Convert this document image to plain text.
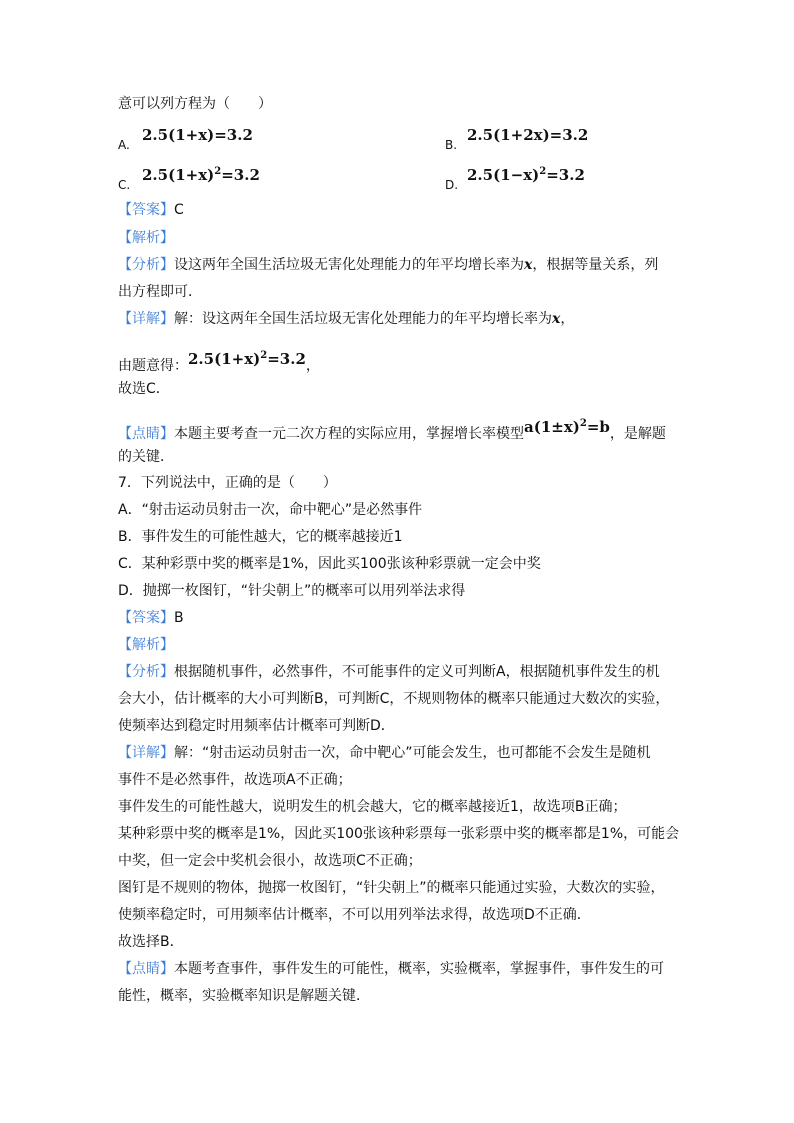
意可以列方程为（　　）
A.
2.5(1+x)=3.2
B.
2.5(1+2x)=3.2
C.
$2.5(1+x)^2=3.2$
D.
$2.5(1-x)^2=3.2$
【答案】C
【解析】
【分析】设这两年全国生活垃圾无害化处理能力的年平均增长率为x，根据等量关系，列
出方程即可．
【详解】解：设这两年全国生活垃圾无害化处理能力的年平均增长率为x，
由题意得：$2.5(1+x)^2=3.2$，
故选C．
【点睛】本题主要考查一元二次方程的实际应用，掌握增长率模型$a(1\pm x)^2=b$，是解题
的关键．
7．下列说法中，正确的是（　　）
A．“射击运动员射击一次，命中靶心”是必然事件
B．事件发生的可能性越大，它的概率越接近1
C．某种彩票中奖的概率是1%，因此买100张该种彩票就一定会中奖
D．抛掷一枚图钉，“针尖朝上”的概率可以用列举法求得
【答案】B
【解析】
【分析】根据随机事件，必然事件，不可能事件的定义可判断A，根据随机事件发生的机
会大小，估计概率的大小可判断B，可判断C，不规则物体的概率只能通过大数次的实验，
使频率达到稳定时用频率估计概率可判断D．
【详解】解：“射击运动员射击一次，命中靶心”可能会发生，也可都能不会发生是随机
事件不是必然事件，故选项A不正确；
事件发生的可能性越大，说明发生的机会越大，它的概率越接近1，故选项B正确；
某种彩票中奖的概率是1%，因此买100张该种彩票每一张彩票中奖的概率都是1%，可能会
中奖，但一定会中奖机会很小，故选项C不正确；
图钉是不规则的物体，抛掷一枚图钉，“针尖朝上”的概率只能通过实验，大数次的实验，
使频率稳定时，可用频率估计概率，不可以用列举法求得，故选项D不正确．
故选择B．
【点睛】本题考查事件，事件发生的可能性，概率，实验概率，掌握事件，事件发生的可
能性，概率，实验概率知识是解题关键．
